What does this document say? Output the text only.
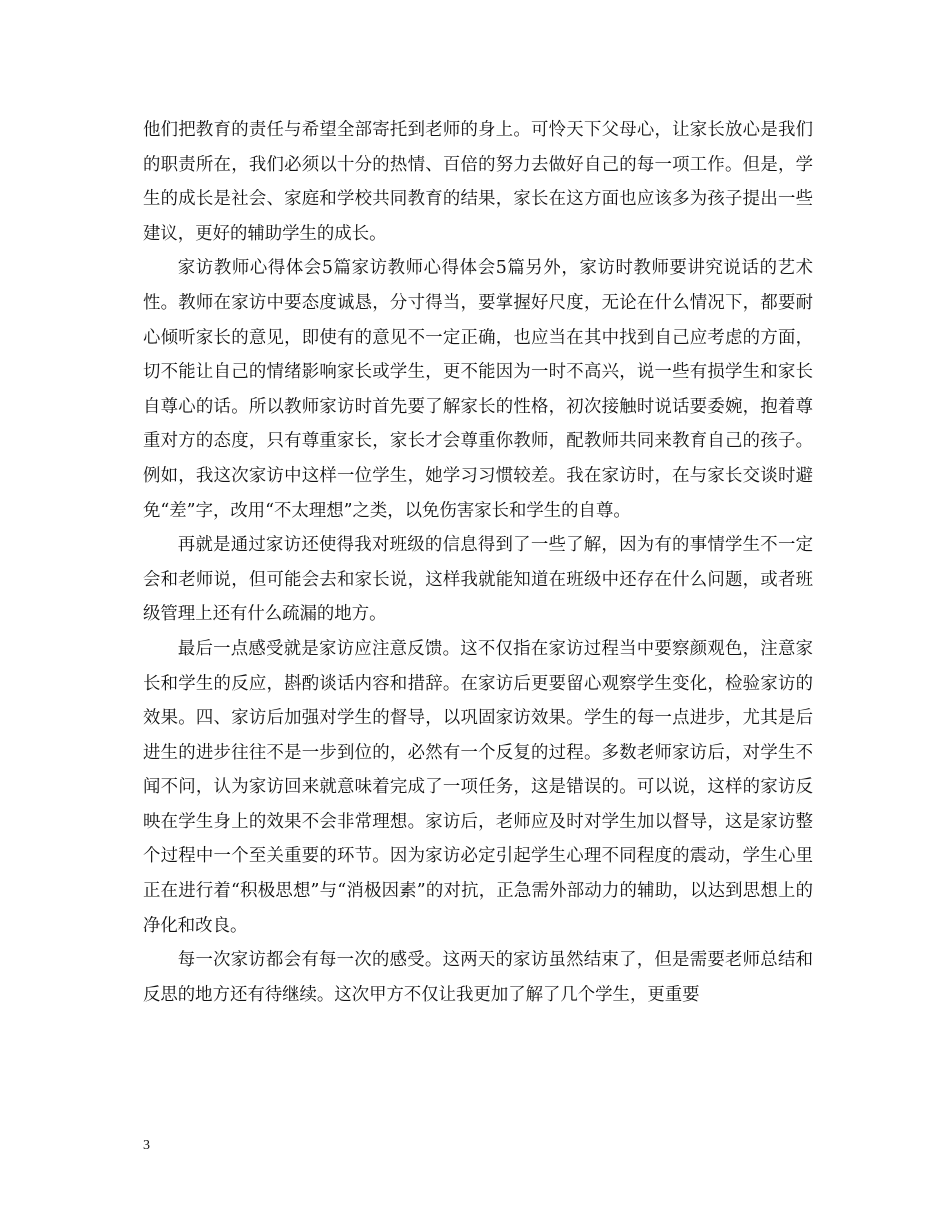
他们把教育的责任与希望全部寄托到老师的身上。可怜天下父母心，让家长放心是我们的职责所在，我们必须以十分的热情、百倍的努力去做好自己的每一项工作。但是，学生的成长是社会、家庭和学校共同教育的结果，家长在这方面也应该多为孩子提出一些建议，更好的辅助学生的成长。

家访教师心得体会5篇家访教师心得体会5篇另外，家访时教师要讲究说话的艺术性。教师在家访中要态度诚恳，分寸得当，要掌握好尺度，无论在什么情况下，都要耐心倾听家长的意见，即使有的意见不一定正确，也应当在其中找到自己应考虑的方面，切不能让自己的情绪影响家长或学生，更不能因为一时不高兴，说一些有损学生和家长自尊心的话。所以教师家访时首先要了解家长的性格，初次接触时说话要委婉，抱着尊重对方的态度，只有尊重家长，家长才会尊重你教师，配教师共同来教育自己的孩子。例如，我这次家访中这样一位学生，她学习习惯较差。我在家访时，在与家长交谈时避免“差”字，改用“不太理想”之类，以免伤害家长和学生的自尊。

再就是通过家访还使得我对班级的信息得到了一些了解，因为有的事情学生不一定会和老师说，但可能会去和家长说，这样我就能知道在班级中还存在什么问题，或者班级管理上还有什么疏漏的地方。

最后一点感受就是家访应注意反馈。这不仅指在家访过程当中要察颜观色，注意家长和学生的反应，斟酌谈话内容和措辞。在家访后更要留心观察学生变化，检验家访的效果。四、家访后加强对学生的督导，以巩固家访效果。学生的每一点进步，尤其是后进生的进步往往不是一步到位的，必然有一个反复的过程。多数老师家访后，对学生不闻不问，认为家访回来就意味着完成了一项任务，这是错误的。可以说，这样的家访反映在学生身上的效果不会非常理想。家访后，老师应及时对学生加以督导，这是家访整个过程中一个至关重要的环节。因为家访必定引起学生心理不同程度的震动，学生心里正在进行着“积极思想”与“消极因素”的对抗，正急需外部动力的辅助，以达到思想上的净化和改良。

每一次家访都会有每一次的感受。这两天的家访虽然结束了，但是需要老师总结和反思的地方还有待继续。这次甲方不仅让我更加了解了几个学生，更重要

3
